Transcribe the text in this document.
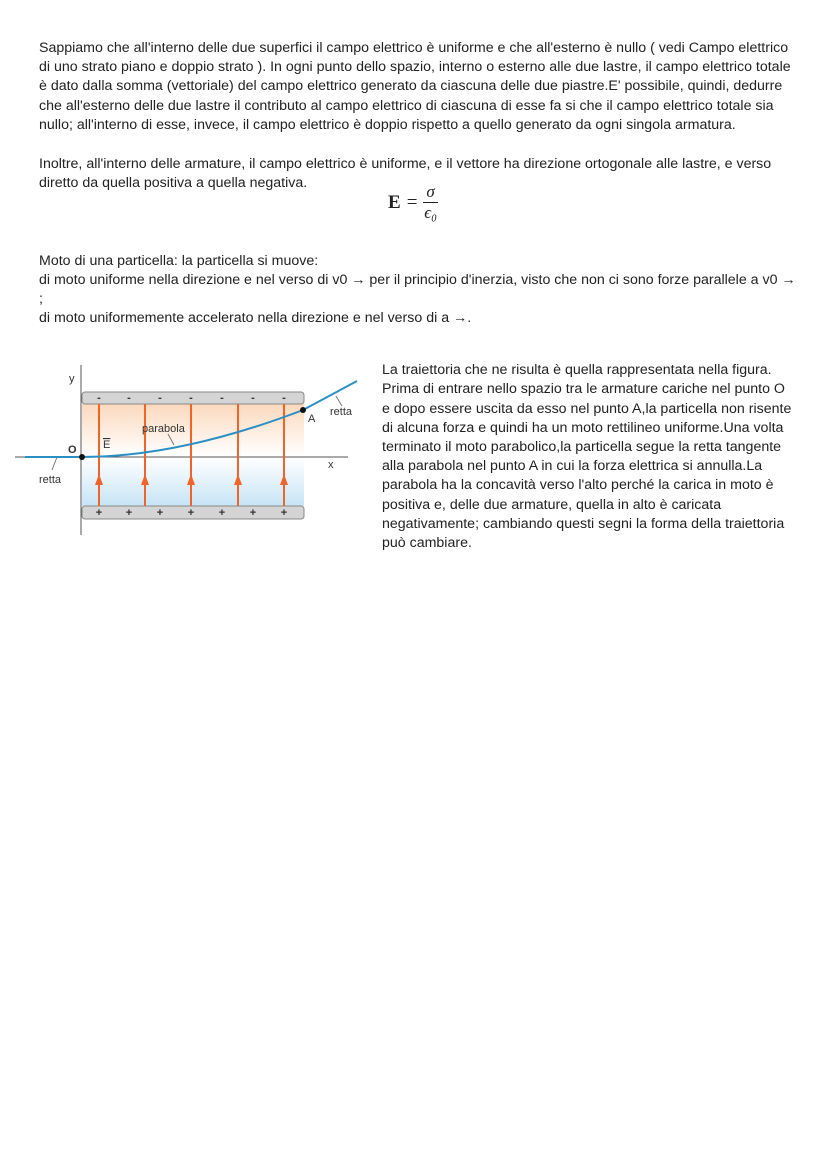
Sappiamo che all'interno delle due superfici il campo elettrico è uniforme e che all'esterno è nullo ( vedi Campo elettrico di uno strato piano e doppio strato ). In ogni punto dello spazio, interno o esterno alle due lastre, il campo elettrico totale è dato dalla somma (vettoriale) del campo elettrico generato da ciascuna delle due piastre.E' possibile, quindi, dedurre che all'esterno delle due lastre il contributo al campo elettrico di ciascuna di esse fa si che il campo elettrico totale sia nullo; all'interno di esse, invece, il campo elettrico è doppio rispetto a quello generato da ogni singola armatura.

Inoltre, all'interno delle armature, il campo elettrico è uniforme, e il vettore ha direzione ortogonale alle lastre, e verso diretto da quella positiva a quella negativa.

$E = \frac{\sigma}{\text{ϵ₀}}$

Moto di una particella: la particella si muove:

di moto uniforme nella direzione e nel verso di v0 → per il principio d'inerzia, visto che non ci sono forze parallele a v0 → ;

di moto uniformemente accelerato nella direzione e nel verso di a →.

-
+
-
+
-
+
-
+
-
+
-
+
-
+
y
x
O
A
E
parabola
retta
retta

La traiettoria che ne risulta è quella rappresentata nella figura. Prima di entrare nello spazio tra le armature cariche nel punto O e dopo essere uscita da esso nel punto A,la particella non risente di alcuna forza e quindi ha un moto rettilineo uniforme.Una volta terminato il moto parabolico,la particella segue la retta tangente alla parabola nel punto A in cui la forza elettrica si annulla.La parabola ha la concavità verso l'alto perché la carica in moto è positiva e, delle due armature, quella in alto è caricata negativamente; cambiando questi segni la forma della traiettoria può cambiare.
